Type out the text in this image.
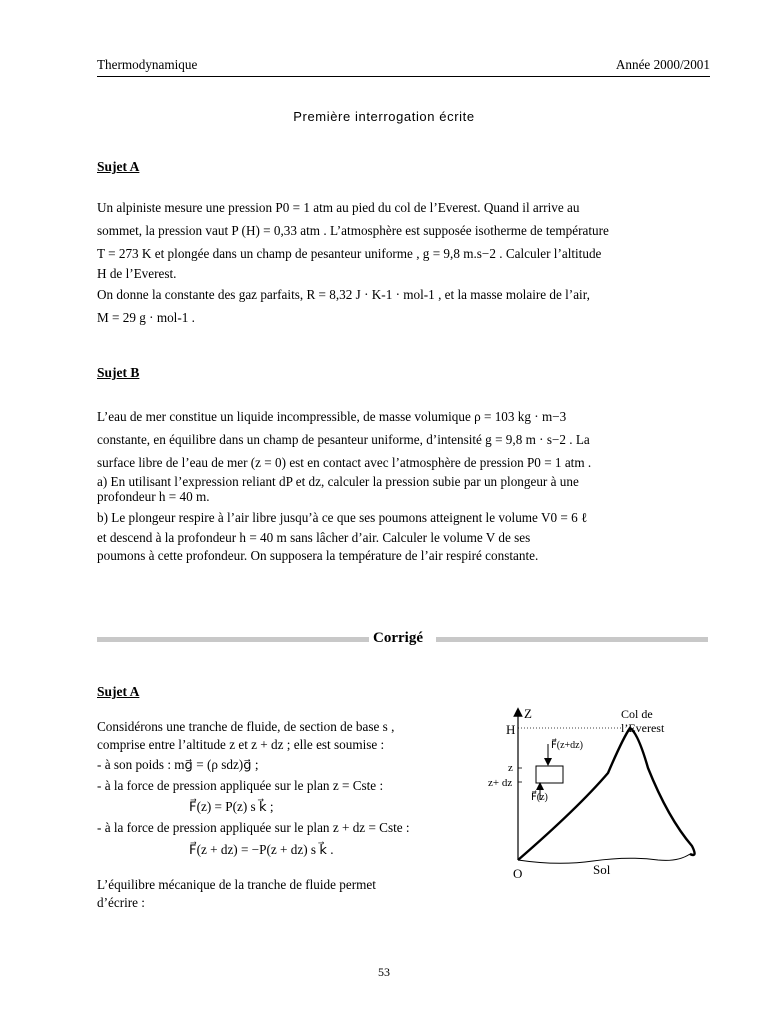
Thermodynamique	Année 2000/2001
Première interrogation écrite
Sujet A

Un alpiniste mesure une pression P0 = 1 atm au pied du col de l’Everest. Quand il arrive au

sommet, la pression vaut P (H) = 0,33 atm . L’atmosphère est supposée isotherme de température

T = 273 K et plongée dans un champ de pesanteur uniforme , g = 9,8 m.s−2 . Calculer l’altitude

H de l’Everest.

On donne la constante des gaz parfaits, R = 8,32 J · K-1 · mol-1 , et la masse molaire de l’air,

M = 29 g · mol-1 .

Sujet B

L’eau de mer constitue un liquide incompressible, de masse volumique ρ = 103 kg · m−3

constante, en équilibre dans un champ de pesanteur uniforme, d’intensité g = 9,8 m · s−2 . La

surface libre de l’eau de mer (z = 0) est en contact avec l’atmosphère de pression P0 = 1 atm .

a) En utilisant l’expression reliant dP et dz, calculer la pression subie par un plongeur à une

profondeur h = 40 m.

b) Le plongeur respire à l’air libre jusqu’à ce que ses poumons atteignent le volume V0 = 6 ℓ

et descend à la profondeur h = 40 m sans lâcher d’air. Calculer le volume V de ses

poumons à cette profondeur. On supposera la température de l’air respiré constante.

Corrigé
Sujet A

Considérons une tranche de fluide, de section de base s ,

comprise entre l’altitude z et z + dz ; elle est soumise :

- à son poids : mg⃗ = (ρ sdz)g⃗ ;

- à la force de pression appliquée sur le plan z = Cste :

F⃗(z) = P(z) s k⃗ ;

- à la force de pression appliquée sur le plan z + dz = Cste :

F⃗(z + dz) = −P(z + dz) s k⃗ .

L’équilibre mécanique de la tranche de fluide permet

d’écrire :

Z
H
O	Sol
Col de
l’Everest
z
z+ dz
F⃗(z+dz)
F⃗(z)
53
